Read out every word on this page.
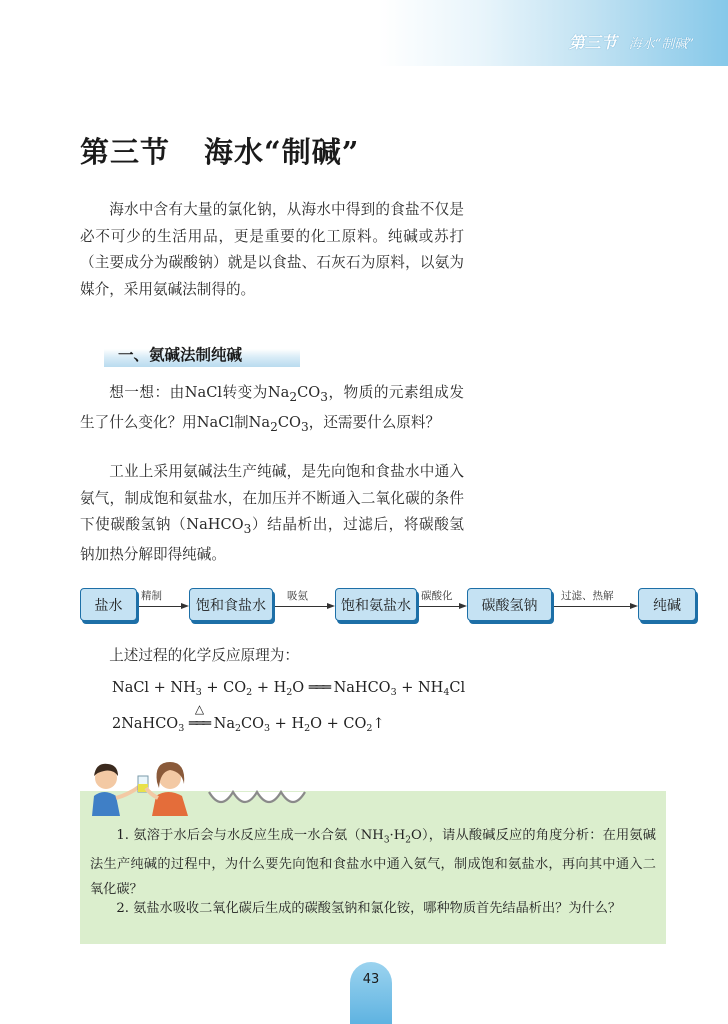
第三节 海水“制碱”
第三节 海水“制碱”

海水中含有大量的氯化钠，从海水中得到的食盐不仅是必不可少的生活用品，更是重要的化工原料。纯碱或苏打（主要成分为碳酸钠）就是以食盐、石灰石为原料，以氨为媒介，采用氨碱法制得的。

一、氨碱法制纯碱

想一想：由NaCl转变为$Na_2CO_3$，物质的元素组成发生了什么变化？用NaCl制$Na_2CO_3$，还需要什么原料？

工业上采用氨碱法生产纯碱，是先向饱和食盐水中通入氨气，制成饱和氨盐水，在加压并不断通入二氧化碳的条件下使碳酸氢钠（NaHCO$_3$）结晶析出，过滤后，将碳酸氢钠加热分解即得纯碱。

盐水
精制
饱和食盐水
吸氨
饱和氨盐水
碳酸化
碳酸氢钠
过滤、热解
纯碱

上述过程的化学反应原理为：

NaCl + $NH_3 + CO_2 + H_2O$ ═══ NaHCO$_3$ + $NH_4Cl$
2NaHCO$_3$
△
═══ $Na_2CO_3 + H_2O$ + $CO_2↑$

1. 氨溶于水后会与水反应生成一水合氨$(NH_3\cdot H_2O)$，请从酸碱反应的角度分析：在用氨碱法生产纯碱的过程中，为什么要先向饱和食盐水中通入氨气，制成饱和氨盐水，再向其中通入二氧化碳？

2. 氨盐水吸收二氧化碳后生成的碳酸氢钠和氯化铵，哪种物质首先结晶析出？为什么？

43
